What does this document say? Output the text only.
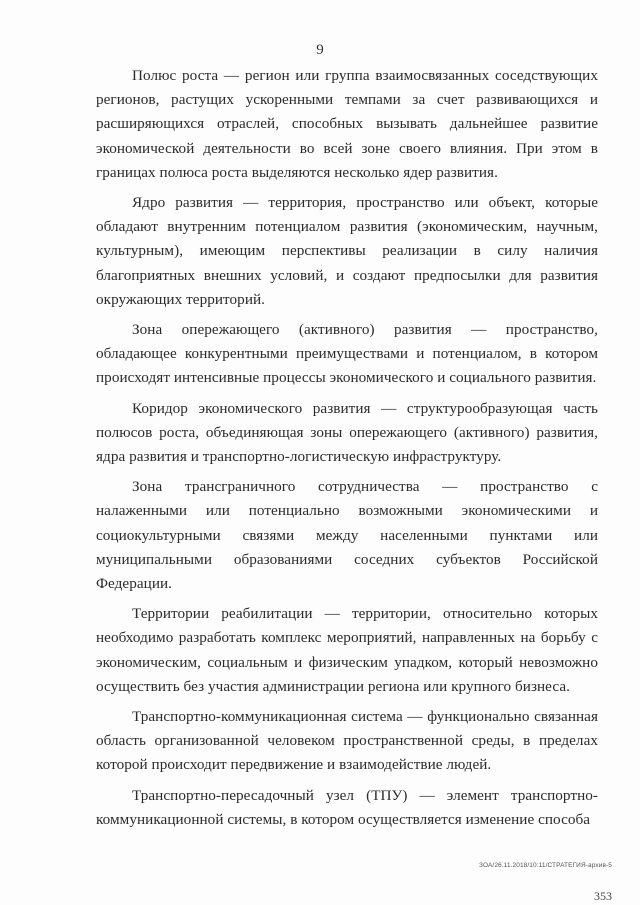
9

Полюс роста — регион или группа взаимосвязанных соседствующих регионов, растущих ускоренными темпами за счет развивающихся и расширяющихся отраслей, способных вызывать дальнейшее развитие экономической деятельности во всей зоне своего влияния. При этом в границах полюса роста выделяются несколько ядер развития.

Ядро развития — территория, пространство или объект, которые обладают внутренним потенциалом развития (экономическим, научным, культурным), имеющим перспективы реализации в силу наличия благоприятных внешних условий, и создают предпосылки для развития окружающих территорий.

Зона опережающего (активного) развития — пространство, обладающее конкурентными преимуществами и потенциалом, в котором происходят интенсивные процессы экономического и социального развития.

Коридор экономического развития — структурообразующая часть полюсов роста, объединяющая зоны опережающего (активного) развития, ядра развития и транспортно-логистическую инфраструктуру.

Зона трансграничного сотрудничества — пространство с налаженными или потенциально возможными экономическими и социокультурными связями между населенными пунктами или муниципальными образованиями соседних субъектов Российской Федерации.

Территории реабилитации — территории, относительно которых необходимо разработать комплекс мероприятий, направленных на борьбу с экономическим, социальным и физическим упадком, который невозможно осуществить без участия администрации региона или крупного бизнеса.

Транспортно-коммуникационная система — функционально связанная область организованной человеком пространственной среды, в пределах которой происходит передвижение и взаимодействие людей.

Транспортно-пересадочный узел (ТПУ) — элемент транспортно-коммуникационной системы, в котором осуществляется изменение способа

ЗОА/26.11.2018/10:11/СТРАТЕГИЯ-архив-5
353
